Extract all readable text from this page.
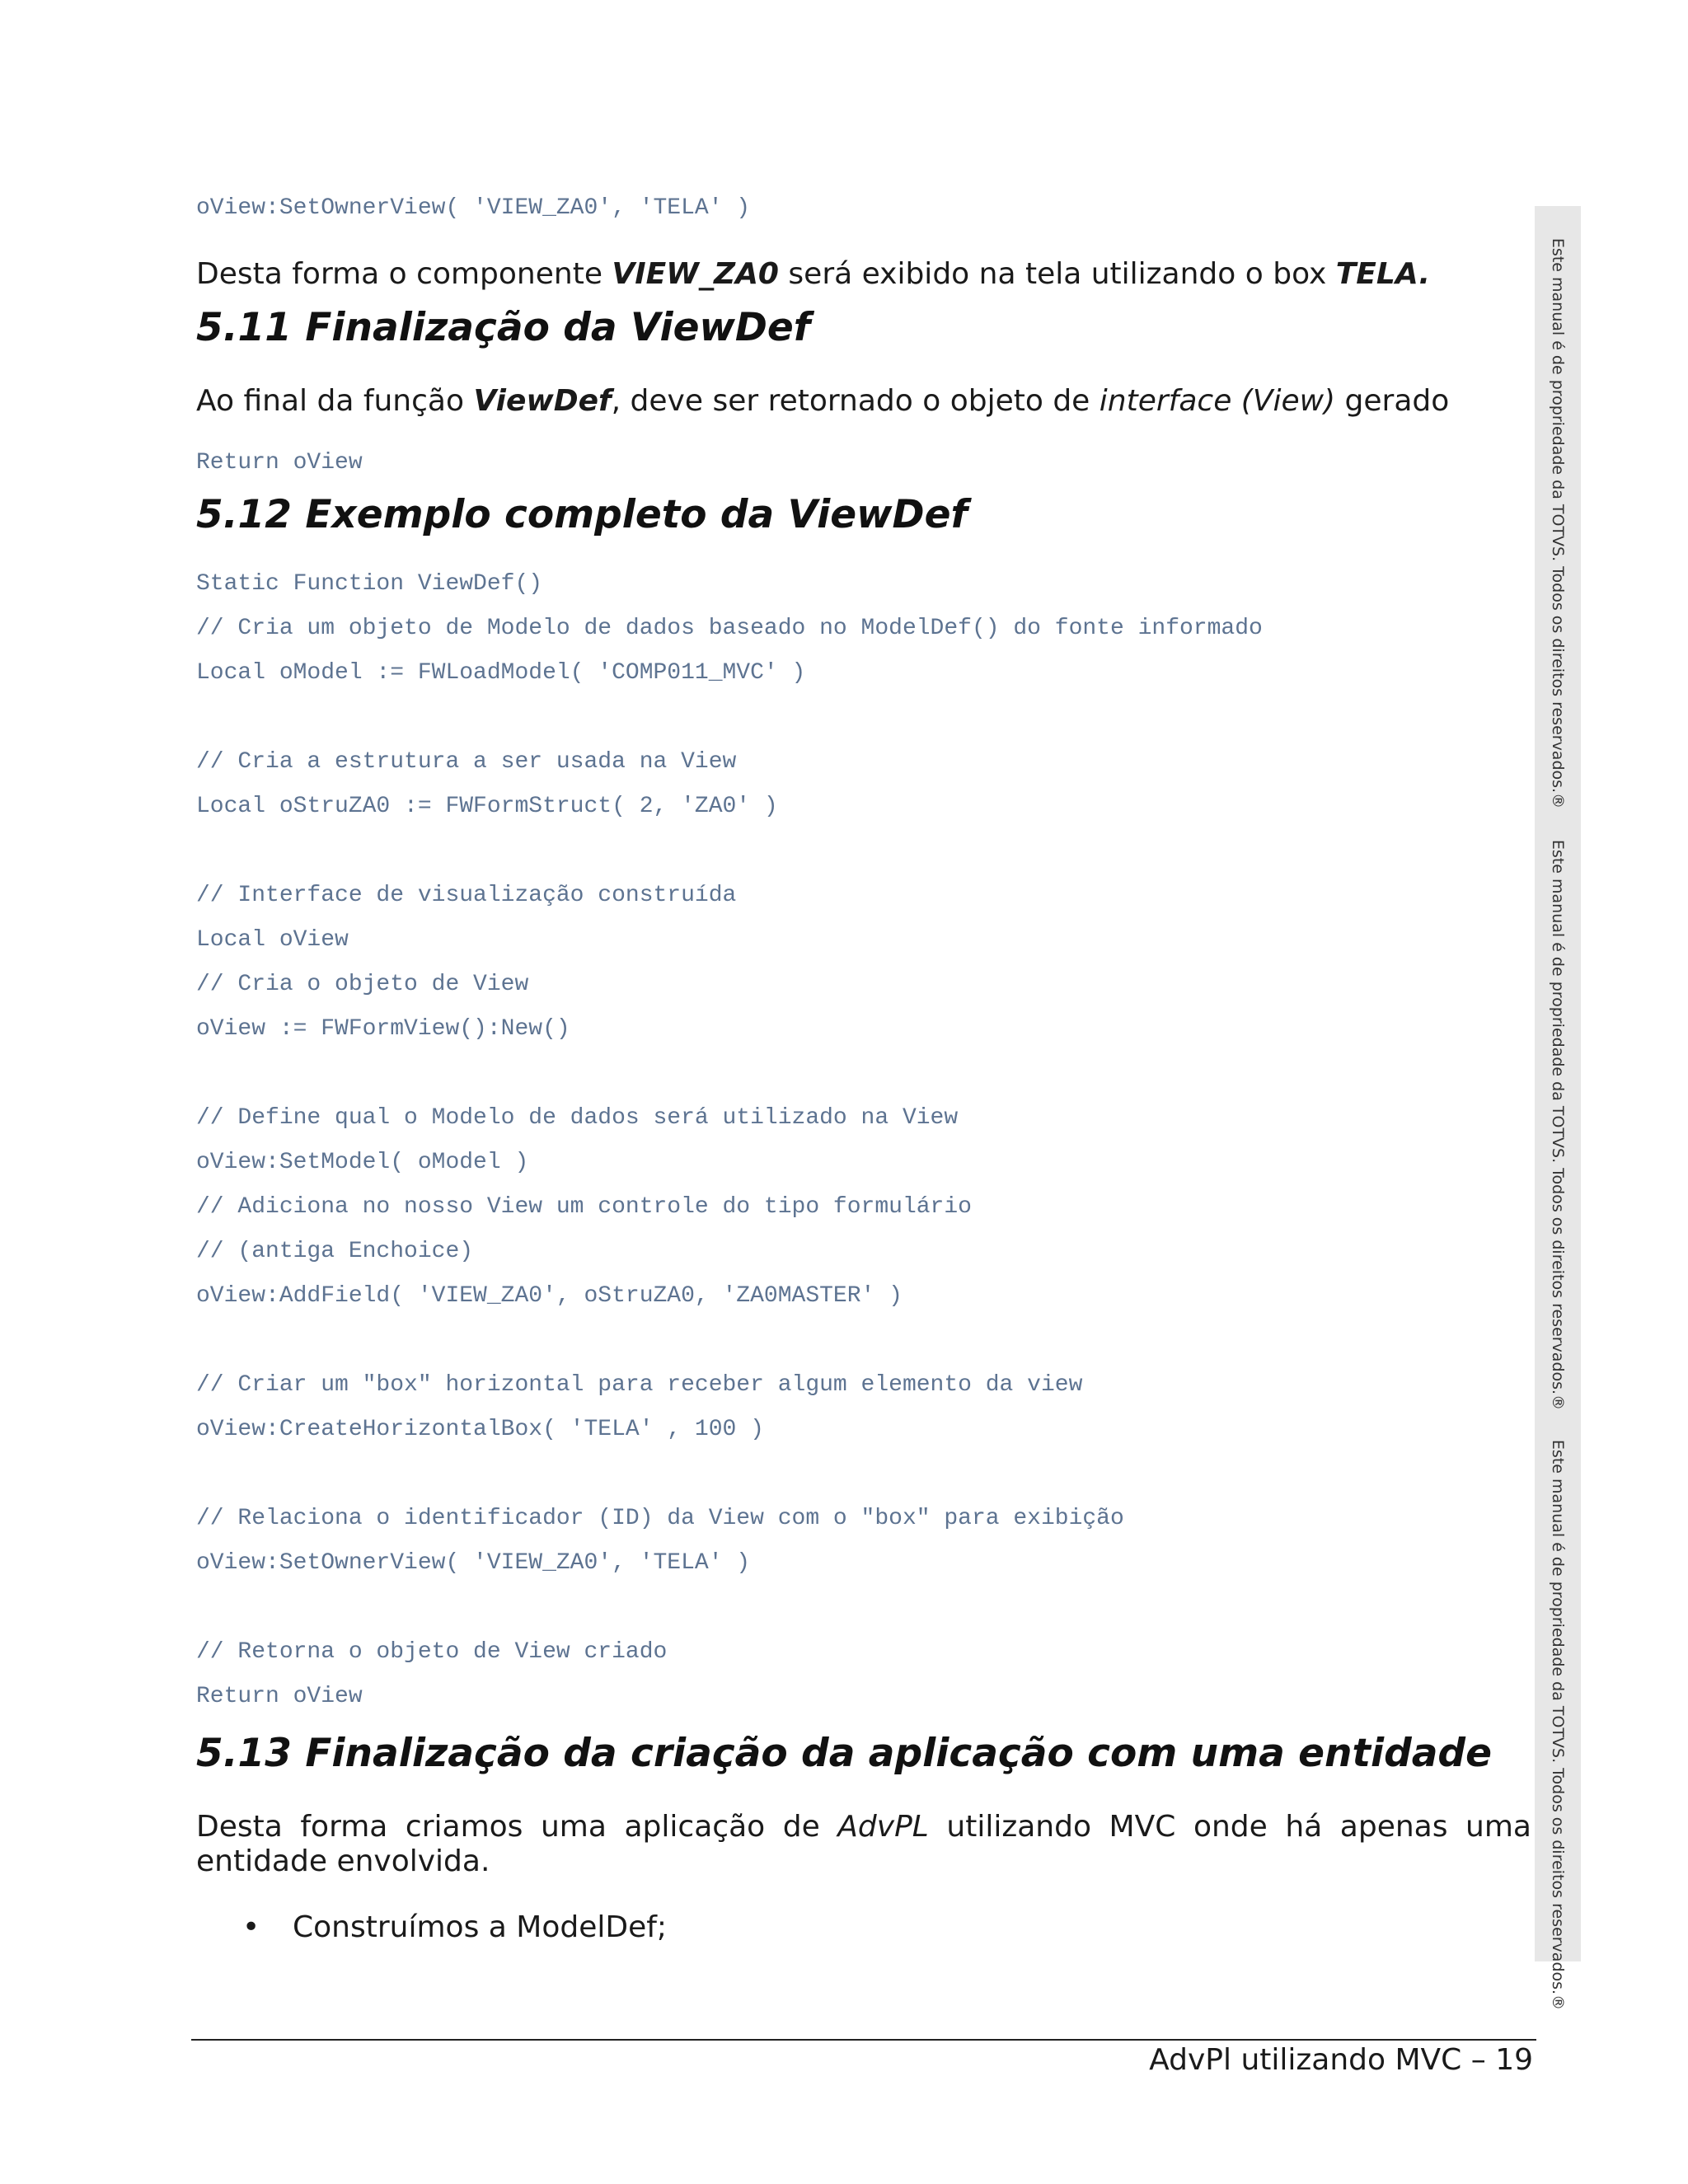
oView:SetOwnerView( 'VIEW_ZA0', 'TELA' )

Desta forma o componente VIEW_ZA0 será exibido na tela utilizando o box TELA.

5.11 Finalização da ViewDef

Ao final da função ViewDef, deve ser retornado o objeto de interface (View) gerado

Return oView
5.12 Exemplo completo da ViewDef
Static Function ViewDef()
// Cria um objeto de Modelo de dados baseado no ModelDef() do fonte informado
Local oModel := FWLoadModel( 'COMP011_MVC' )
// Cria a estrutura a ser usada na View
Local oStruZA0 := FWFormStruct( 2, 'ZA0' )
// Interface de visualização construída
Local oView
// Cria o objeto de View
oView := FWFormView():New()
// Define qual o Modelo de dados será utilizado na View
oView:SetModel( oModel )
// Adiciona no nosso View um controle do tipo formulário
// (antiga Enchoice)
oView:AddField( 'VIEW_ZA0', oStruZA0, 'ZA0MASTER' )
// Criar um "box" horizontal para receber algum elemento da view
oView:CreateHorizontalBox( 'TELA' , 100 )
// Relaciona o identificador (ID) da View com o "box" para exibição
oView:SetOwnerView( 'VIEW_ZA0', 'TELA' )
// Retorna o objeto de View criado
Return oView
5.13 Finalização da criação da aplicação com uma entidade

Desta forma criamos uma aplicação de AdvPL utilizando MVC onde há apenas uma entidade envolvida.

• Construímos a ModelDef;
Este manual é de propriedade da TOTVS. Todos os direitos reservados.®
Este manual é de propriedade da TOTVS. Todos os direitos reservados.®
Este manual é de propriedade da TOTVS. Todos os direitos reservados.®
AdvPl utilizando MVC – 19
